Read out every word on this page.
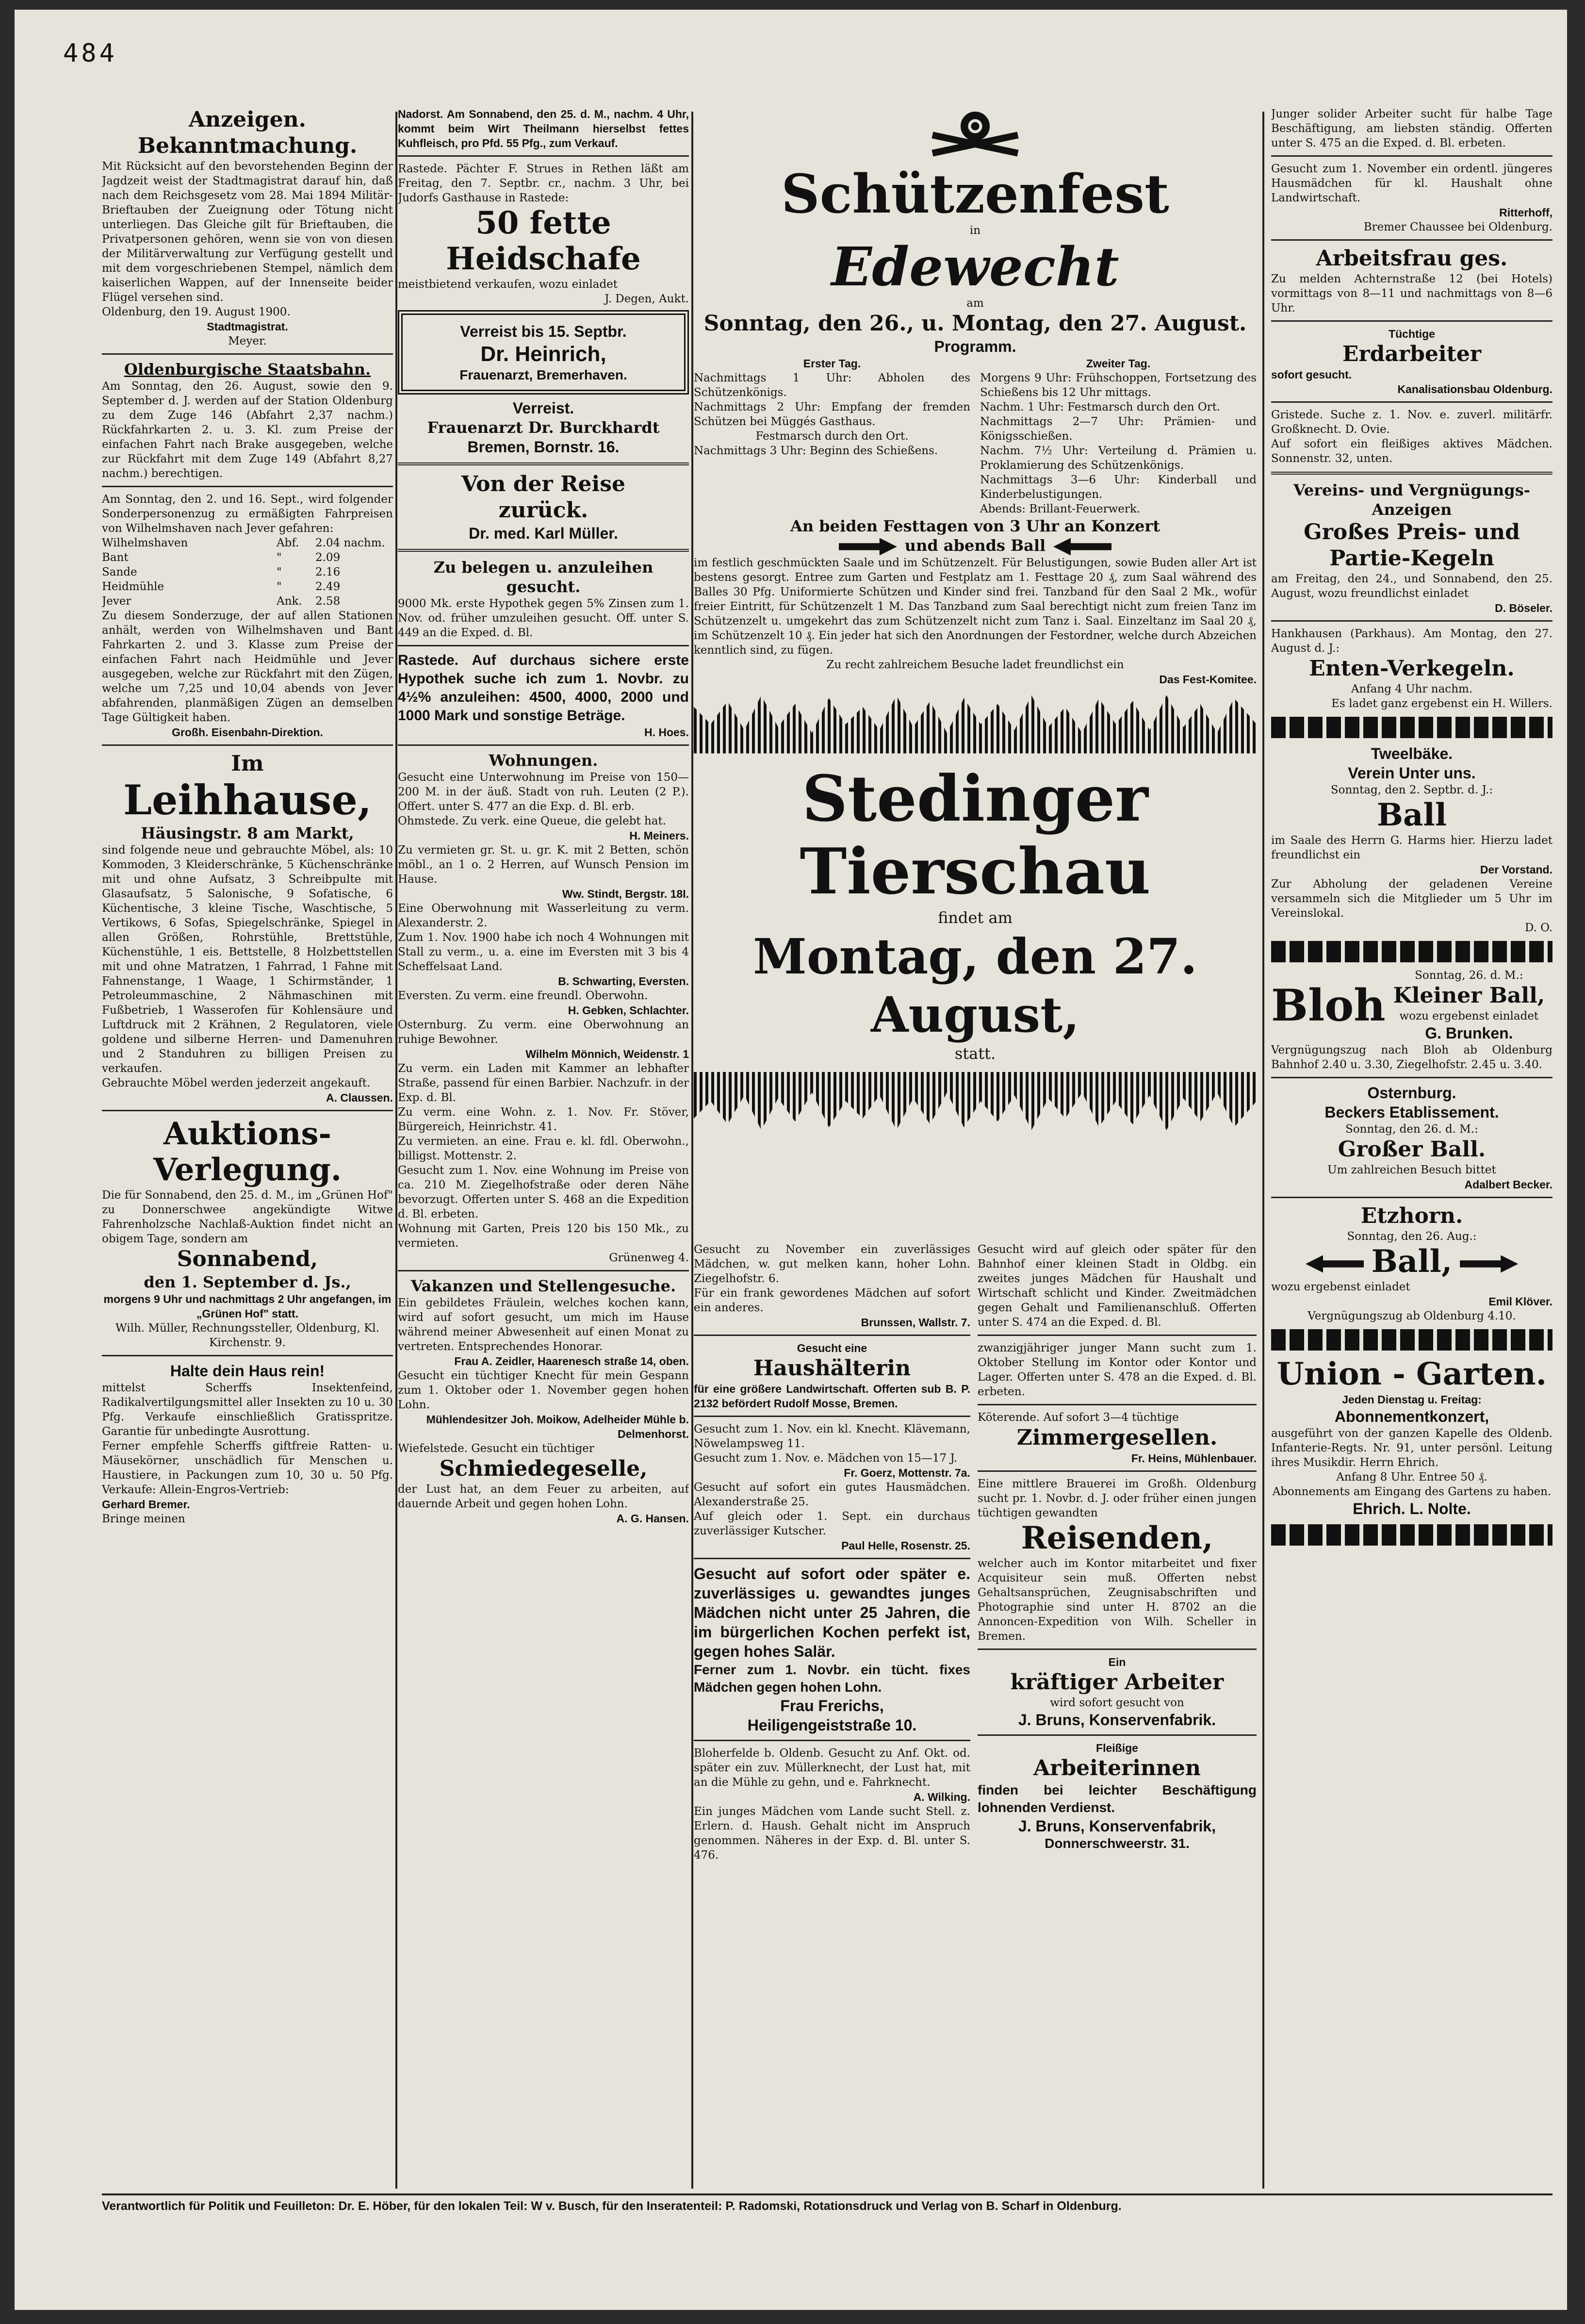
484
Anzeigen.
Bekanntmachung.
Mit Rücksicht auf den bevorstehenden Beginn der Jagdzeit weist der Stadtmagistrat darauf hin, daß nach dem Reichsgesetz vom 28. Mai 1894 Militär-Brieftauben der Zueignung oder Tötung nicht unterliegen. Das Gleiche gilt für Brieftauben, die Privatpersonen gehören, wenn sie von von diesen der Militärverwaltung zur Verfügung gestellt und mit dem vorgeschriebenen Stempel, nämlich dem kaiserlichen Wappen, auf der Innenseite beider Flügel versehen sind.
Oldenburg, den 19. August 1900.
Stadtmagistrat.
Meyer.
Oldenburgische Staatsbahn.
Am Sonntag, den 26. August, sowie den 9. September d. J. werden auf der Station Oldenburg zu dem Zuge 146 (Abfahrt 2,37 nachm.) Rückfahrkarten 2. u. 3. Kl. zum Preise der einfachen Fahrt nach Brake ausgegeben, welche zur Rückfahrt mit dem Zuge 149 (Abfahrt 8,27 nachm.) berechtigen.
Am Sonntag, den 2. und 16. Sept., wird folgender Sonderpersonenzug zu ermäßigten Fahrpreisen von Wilhelmshaven nach Jever gefahren:
Wilhelmshaven	Abf.	2.04 nachm.
Bant	"	2.09
Sande	"	2.16
Heidmühle	"	2.49
Jever	Ank.	2.58
Zu diesem Sonderzuge, der auf allen Stationen anhält, werden von Wilhelmshaven und Bant Fahrkarten 2. und 3. Klasse zum Preise der einfachen Fahrt nach Heidmühle und Jever ausgegeben, welche zur Rückfahrt mit den Zügen, welche um 7,25 und 10,04 abends von Jever abfahrenden, planmäßigen Zügen an demselben Tage Gültigkeit haben.
Großh. Eisenbahn-Direktion.
Im
Leihhause,
Häusingstr. 8 am Markt,
sind folgende neue und gebrauchte Möbel, als: 10 Kommoden, 3 Kleiderschränke, 5 Küchenschränke mit und ohne Aufsatz, 3 Schreibpulte mit Glasaufsatz, 5 Salonische, 9 Sofatische, 6 Küchentische, 3 kleine Tische, Waschtische, 5 Vertikows, 6 Sofas, Spiegelschränke, Spiegel in allen Größen, Rohrstühle, Brettstühle, Küchenstühle, 1 eis. Bettstelle, 8 Holzbettstellen mit und ohne Matratzen, 1 Fahrrad, 1 Fahne mit Fahnenstange, 1 Waage, 1 Schirmständer, 1 Petroleummaschine, 2 Nähmaschinen mit Fußbetrieb, 1 Wasserofen für Kohlensäure und Luftdruck mit 2 Krähnen, 2 Regulatoren, viele goldene und silberne Herren- und Damenuhren und 2 Standuhren zu billigen Preisen zu verkaufen.
Gebrauchte Möbel werden jederzeit angekauft.
A. Claussen.
Auktions-
Verlegung.
Die für Sonnabend, den 25. d. M., im „Grünen Hof" zu Donnerschwee angekündigte Witwe Fahrenholzsche Nachlaß-Auktion findet nicht an obigem Tage, sondern am
Sonnabend,
den 1. September d. Js.,
morgens 9 Uhr und nachmittags 2 Uhr angefangen, im „Grünen Hof" statt.
Wilh. Müller, Rechnungssteller, Oldenburg, Kl. Kirchenstr. 9.
Halte dein Haus rein!
mittelst Scherffs Insektenfeind, Radikalvertilgungsmittel aller Insekten zu 10 u. 30 Pfg. Verkaufe einschließlich Gratisspritze. Garantie für unbedingte Ausrottung.
Ferner empfehle Scherffs giftfreie Ratten- u. Mäusekörner, unschädlich für Menschen u. Haustiere, in Packungen zum 10, 30 u. 50 Pfg. Verkaufe: Allein-Engros-Vertrieb:
Gerhard Bremer.
Bringe meinen
Nadorst. Am Sonnabend, den 25. d. M., nachm. 4 Uhr, kommt beim Wirt Theilmann hierselbst fettes Kuhfleisch, pro Pfd. 55 Pfg., zum Verkauf.
Rastede. Pächter F. Strues in Rethen läßt am Freitag, den 7. Septbr. cr., nachm. 3 Uhr, bei Judorfs Gasthause in Rastede:
50 fette Heidschafe
meistbietend verkaufen, wozu einladet
J. Degen, Aukt.
Verreist bis 15. Septbr.
Dr. Heinrich,
Frauenarzt, Bremerhaven.
Verreist.
Frauenarzt Dr. Burckhardt
Bremen, Bornstr. 16.
Von der Reise
zurück.
Dr. med. Karl Müller.
Zu belegen u. anzuleihen gesucht.
9000 Mk. erste Hypothek gegen 5% Zinsen zum 1. Nov. od. früher umzuleihen gesucht. Off. unter S. 449 an die Exped. d. Bl.
Rastede. Auf durchaus sichere erste Hypothek suche ich zum 1. Novbr. zu 4½% anzuleihen: 4500, 4000, 2000 und 1000 Mark und sonstige Beträge.
H. Hoes.
Wohnungen.
Gesucht eine Unterwohnung im Preise von 150—200 M. in der äuß. Stadt von ruh. Leuten (2 P.). Offert. unter S. 477 an die Exp. d. Bl. erb.
Ohmstede. Zu verk. eine Queue, die gelebt hat.
H. Meiners.
Zu vermieten gr. St. u. gr. K. mit 2 Betten, schön möbl., an 1 o. 2 Herren, auf Wunsch Pension im Hause.
Ww. Stindt, Bergstr. 18I.
Eine Oberwohnung mit Wasserleitung zu verm. Alexanderstr. 2.
Zum 1. Nov. 1900 habe ich noch 4 Wohnungen mit Stall zu verm., u. a. eine im Eversten mit 3 bis 4 Scheffelsaat Land.
B. Schwarting, Eversten.
Eversten. Zu verm. eine freundl. Oberwohn.
H. Gebken, Schlachter.
Osternburg. Zu verm. eine Oberwohnung an ruhige Bewohner.
Wilhelm Mönnich, Weidenstr. 1
Zu verm. ein Laden mit Kammer an lebhafter Straße, passend für einen Barbier. Nachzufr. in der Exp. d. Bl.
Zu verm. eine Wohn. z. 1. Nov. Fr. Stöver, Bürgereich, Heinrichstr. 41.
Zu vermieten. an eine. Frau e. kl. fdl. Oberwohn., billigst. Mottenstr. 2.
Gesucht zum 1. Nov. eine Wohnung im Preise von ca. 210 M. Ziegelhofstraße oder deren Nähe bevorzugt. Offerten unter S. 468 an die Expedition d. Bl. erbeten.
Wohnung mit Garten, Preis 120 bis 150 Mk., zu vermieten.
Grünenweg 4.
Vakanzen und Stellengesuche.
Ein gebildetes Fräulein, welches kochen kann, wird auf sofort gesucht, um mich im Hause während meiner Abwesenheit auf einen Monat zu vertreten. Entsprechendes Honorar.
Frau A. Zeidler, Haarenesch straße 14, oben.
Gesucht ein tüchtiger Knecht für mein Gespann zum 1. Oktober oder 1. November gegen hohen Lohn.
Mühlendesitzer Joh. Moikow, Adelheider Mühle b. Delmenhorst.
Wiefelstede. Gesucht ein tüchtiger
Schmiedegeselle,
der Lust hat, an dem Feuer zu arbeiten, auf dauernde Arbeit und gegen hohen Lohn.
A. G. Hansen.
Schützenfest
in
Edewecht
am
Sonntag, den 26., u. Montag, den 27. August.
Programm.
Erster Tag.
Nachmittags 1 Uhr: Abholen des Schützenkönigs.
Nachmittags 2 Uhr: Empfang der fremden Schützen bei Müggés Gasthaus.
Festmarsch durch den Ort.
Nachmittags 3 Uhr: Beginn des Schießens.
Zweiter Tag.
Morgens 9 Uhr: Frühschoppen, Fortsetzung des Schießens bis 12 Uhr mittags.
Nachm. 1 Uhr: Festmarsch durch den Ort.
Nachmittags 2—7 Uhr: Prämien- und Königsschießen.
Nachm. 7½ Uhr: Verteilung d. Prämien u. Proklamierung des Schützenkönigs.
Nachmittags 3—6 Uhr: Kinderball und Kinderbelustigungen.
Abends: Brillant-Feuerwerk.
An beiden Festtagen von 3 Uhr an Konzert
und abends Ball
im festlich geschmückten Saale und im Schützenzelt. Für Belustigungen, sowie Buden aller Art ist bestens gesorgt. Entree zum Garten und Festplatz am 1. Festtage 20 ₰, zum Saal während des Balles 30 Pfg. Uniformierte Schützen und Kinder sind frei. Tanzband für den Saal 2 Mk., wofür freier Eintritt, für Schützenzelt 1 M. Das Tanzband zum Saal berechtigt nicht zum freien Tanz im Schützenzelt u. umgekehrt das zum Schützenzelt nicht zum Tanz i. Saal. Einzeltanz im Saal 20 ₰, im Schützenzelt 10 ₰. Ein jeder hat sich den Anordnungen der Festordner, welche durch Abzeichen kenntlich sind, zu fügen.
Zu recht zahlreichem Besuche ladet freundlichst ein
Das Fest-Komitee.
Stedinger Tierschau
findet am
Montag, den 27. August,
statt.
Gesucht zu November ein zuverlässiges Mädchen, w. gut melken kann, hoher Lohn. Ziegelhofstr. 6.
Für ein frank gewordenes Mädchen auf sofort ein anderes.
Brunssen, Wallstr. 7.
Gesucht eine
Haushälterin
für eine größere Landwirtschaft. Offerten sub B. P. 2132 befördert Rudolf Mosse, Bremen.
Gesucht zum 1. Nov. ein kl. Knecht. Klävemann, Nöwelampsweg 11.
Gesucht zum 1. Nov. e. Mädchen von 15—17 J.
Fr. Goerz, Mottenstr. 7a.
Gesucht auf sofort ein gutes Hausmädchen. Alexanderstraße 25.
Auf gleich oder 1. Sept. ein durchaus zuverlässiger Kutscher.
Paul Helle, Rosenstr. 25.
Gesucht auf sofort oder später e. zuverlässiges u. gewandtes junges Mädchen nicht unter 25 Jahren, die im bürgerlichen Kochen perfekt ist, gegen hohes Salär.
Ferner zum 1. Novbr. ein tücht. fixes Mädchen gegen hohen Lohn.
Frau Frerichs,
Heiligengeiststraße 10.
Bloherfelde b. Oldenb. Gesucht zu Anf. Okt. od. später ein zuv. Müllerknecht, der Lust hat, mit an die Mühle zu gehn, und e. Fahrknecht.
A. Wilking.
Ein junges Mädchen vom Lande sucht Stell. z. Erlern. d. Haush. Gehalt nicht im Anspruch genommen. Näheres in der Exp. d. Bl. unter S. 476.
Gesucht wird auf gleich oder später für den Bahnhof einer kleinen Stadt in Oldbg. ein zweites junges Mädchen für Haushalt und Wirtschaft schlicht und Kinder. Zweitmädchen gegen Gehalt und Familienanschluß. Offerten unter S. 474 an die Exped. d. Bl.
zwanzigjähriger junger Mann sucht zum 1. Oktober Stellung im Kontor oder Kontor und Lager. Offerten unter S. 478 an die Exped. d. Bl. erbeten.
Köterende. Auf sofort 3—4 tüchtige
Zimmergesellen.
Fr. Heins, Mühlenbauer.
Eine mittlere Brauerei im Großh. Oldenburg sucht pr. 1. Novbr. d. J. oder früher einen jungen tüchtigen gewandten
Reisenden,
welcher auch im Kontor mitarbeitet und fixer Acquisiteur sein muß. Offerten nebst Gehaltsansprüchen, Zeugnisabschriften und Photographie sind unter H. 8702 an die Annoncen-Expedition von Wilh. Scheller in Bremen.
Ein
kräftiger Arbeiter
wird sofort gesucht von
J. Bruns, Konservenfabrik.
Fleißige
Arbeiterinnen
finden bei leichter Beschäftigung lohnenden Verdienst.
J. Bruns, Konservenfabrik,
Donnerschweerstr. 31.
Junger solider Arbeiter sucht für halbe Tage Beschäftigung, am liebsten ständig. Offerten unter S. 475 an die Exped. d. Bl. erbeten.
Gesucht zum 1. November ein ordentl. jüngeres Hausmädchen für kl. Haushalt ohne Landwirtschaft.
Ritterhoff,
Bremer Chaussee bei Oldenburg.
Arbeitsfrau ges.
Zu melden Achternstraße 12 (bei Hotels) vormittags von 8—11 und nachmittags von 8—6 Uhr.
Tüchtige
Erdarbeiter
sofort gesucht.
Kanalisationsbau Oldenburg.
Gristede. Suche z. 1. Nov. e. zuverl. militärfr. Großknecht. D. Ovie.
Auf sofort ein fleißiges aktives Mädchen. Sonnenstr. 32, unten.
Vereins- und Vergnügungs-Anzeigen
Großes Preis- und
Partie-Kegeln
am Freitag, den 24., und Sonnabend, den 25. August, wozu freundlichst einladet
D. Böseler.
Hankhausen (Parkhaus). Am Montag, den 27. August d. J.:
Enten-Verkegeln.
Anfang 4 Uhr nachm.
Es ladet ganz ergebenst ein H. Willers.
Tweelbäke.
Verein Unter uns.
Sonntag, den 2. Septbr. d. J.:
Ball
im Saale des Herrn G. Harms hier. Hierzu ladet freundlichst ein
Der Vorstand.
Zur Abholung der geladenen Vereine versammeln sich die Mitglieder um 5 Uhr im Vereinslokal.
D. O.
Bloh
Sonntag, 26. d. M.:
Kleiner Ball,
wozu ergebenst einladet
G. Brunken.
Vergnügungszug nach Bloh ab Oldenburg Bahnhof 2.40 u. 3.30, Ziegelhofstr. 2.45 u. 3.40.
Osternburg.
Beckers Etablissement.
Sonntag, den 26. d. M.:
Großer Ball.
Um zahlreichen Besuch bittet
Adalbert Becker.
Etzhorn.
Sonntag, den 26. Aug.:
Ball,
wozu ergebenst einladet
Emil Klöver.
Vergnügungszug ab Oldenburg 4.10.
Union - Garten.
Jeden Dienstag u. Freitag:
Abonnementkonzert,
ausgeführt von der ganzen Kapelle des Oldenb. Infanterie-Regts. Nr. 91, unter persönl. Leitung ihres Musikdir. Herrn Ehrich.
Anfang 8 Uhr. Entree 50 ₰.
Abonnements am Eingang des Gartens zu haben.
Ehrich. L. Nolte.
Verantwortlich für Politik und Feuilleton: Dr. E. Höber, für den lokalen Teil: W v. Busch, für den Inseratenteil: P. Radomski, Rotationsdruck und Verlag von B. Scharf in Oldenburg.
